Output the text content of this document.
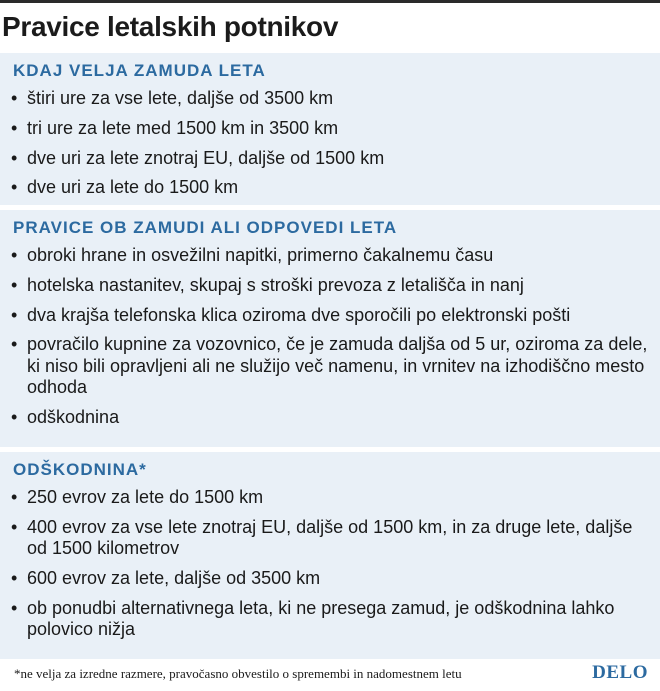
Pravice letalskih potnikov
KDAJ VELJA ZAMUDA LETA
• štiri ure za vse lete, daljše od 3500 km
• tri ure za lete med 1500 km in 3500 km
• dve uri za lete znotraj EU, daljše od 1500 km
• dve uri za lete do 1500 km
PRAVICE OB ZAMUDI ALI ODPOVEDI LETA
• obroki hrane in osvežilni napitki, primerno čakalnemu času
• hotelska nastanitev, skupaj s stroški prevoza z letališča in nanj
• dva krajša telefonska klica oziroma dve sporočili po elektronski pošti
• povračilo kupnine za vozovnico, če je zamuda daljša od 5 ur, oziroma za dele, ki niso bili opravljeni ali ne služijo več namenu, in vrnitev na izhodiščno mesto odhoda
• odškodnina
ODŠKODNINA*
• 250 evrov za lete do 1500 km
• 400 evrov za vse lete znotraj EU, daljše od 1500 km, in za druge lete, daljše od 1500 kilometrov
• 600 evrov za lete, daljše od 3500 km
• ob ponudbi alternativnega leta, ki ne presega zamud, je odškodnina lahko polovico nižja
*ne velja za izredne razmere, pravočasno obvestilo o spremembi in nadomestnem letu	DELO
